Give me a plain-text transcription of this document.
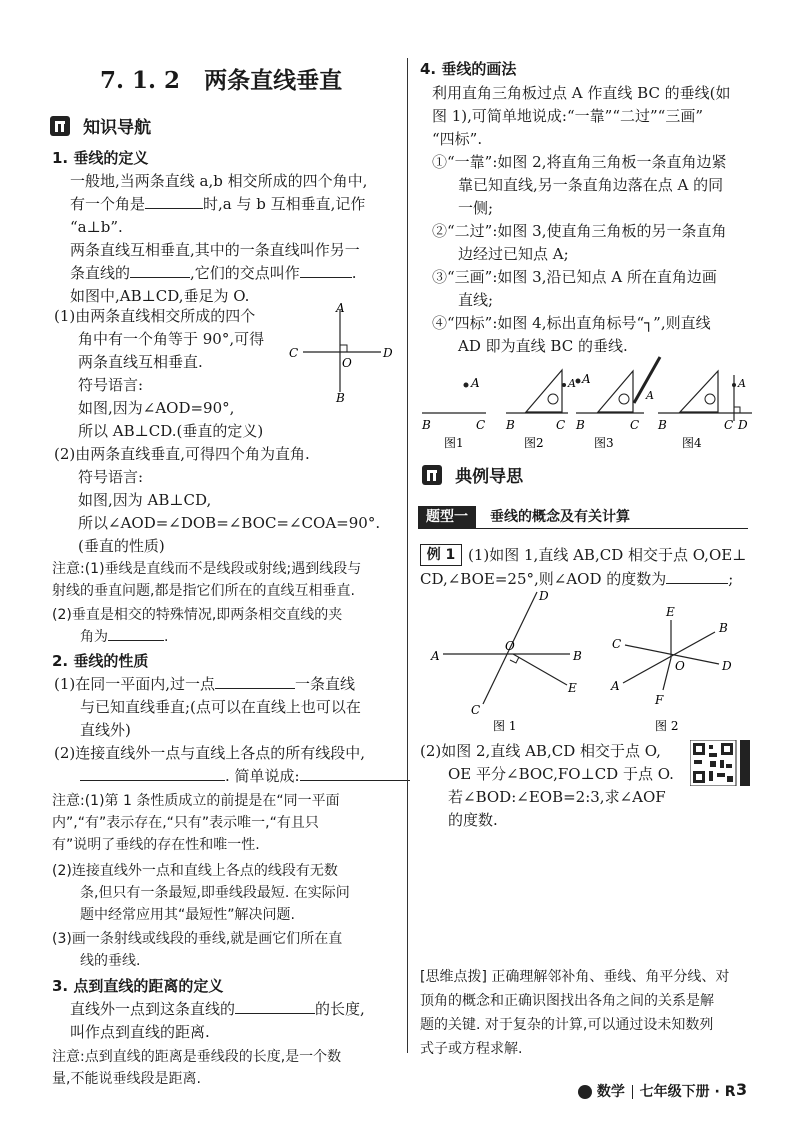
7. 1. 2 两条直线垂直
知识导航
1. 垂线的定义
一般地,当两条直线 a,b 相交所成的四个角中,
有一个角是	时,a 与 b 互相垂直,记作
“a⊥b”.
两条直线互相垂直,其中的一条直线叫作另一
条直线的	,它们的交点叫作	.
如图中,AB⊥CD,垂足为 O.
(1)由两条直线相交所成的四个
角中有一个角等于 90°,可得
两条直线互相垂直.
符号语言:
如图,因为∠AOD=90°,
所以 AB⊥CD.(垂直的定义)
A
B
C	D
O
(2)由两条直线垂直,可得四个角为直角.
符号语言:
如图,因为 AB⊥CD,
所以∠AOD=∠DOB=∠BOC=∠COA=90°.
(垂直的性质)
注意:(1)垂线是直线而不是线段或射线;遇到线段与
射线的垂直问题,都是指它们所在的直线互相垂直.
(2)垂直是相交的特殊情况,即两条相交直线的夹
角为	.
2. 垂线的性质
(1)在同一平面内,过一点	一条直线
与已知直线垂直;(点可以在直线上也可以在
直线外)
(2)连接直线外一点与直线上各点的所有线段中,
. 简单说成:
注意:(1)第 1 条性质成立的前提是在“同一平面
内”,“有”表示存在,“只有”表示唯一,“有且只
有”说明了垂线的存在性和唯一性.
(2)连接直线外一点和直线上各点的线段有无数
条,但只有一条最短,即垂线段最短. 在实际问
题中经常应用其“最短性”解决问题.
(3)画一条射线或线段的垂线,就是画它们所在直
线的垂线.
3. 点到直线的距离的定义
直线外一点到这条直线的	的长度,
叫作点到直线的距离.
注意:点到直线的距离是垂线段的长度,是一个数
量,不能说垂线段是距离.
4. 垂线的画法
利用直角三角板过点 A 作直线 BC 的垂线(如
图 1),可简单地说成:“一靠”“二过”“三画”
“四标”.
①“一靠”:如图 2,将直角三角板一条直角边紧
靠已知直线,另一条直角边落在点 A 的同
一侧;
②“二过”:如图 3,使直角三角板的另一条直角
边经过已知点 A;
③“三画”:如图 3,沿已知点 A 所在直角边画
直线;
④“四标”:如图 4,标出直角标号“┐”,则直线
AD 即为直线 BC 的垂线.
A
B	C
图1
A
B	C
图2
A
A
B	C
图3
A
B	C D
图4
典例导思
题型一	垂线的概念及有关计算
例 1 (1)如图 1,直线 AB,CD 相交于点 O,OE⊥
CD,∠BOE=25°,则∠AOD 的度数为	;
A	B
D
C
E
O
图 1
B
C
D
A
E
F
O
图 2
(2)如图 2,直线 AB,CD 相交于点 O,
OE 平分∠BOC,FO⊥CD 于点 O.
若∠BOD:∠EOB=2:3,求∠AOF
的度数.
[思维点拨] 正确理解邻补角、垂线、角平分线、对
顶角的概念和正确识图找出各角之间的关系是解
题的关键. 对于复杂的计算,可以通过设未知数列
式子或方程求解.
数学 七年级下册 · R 3
